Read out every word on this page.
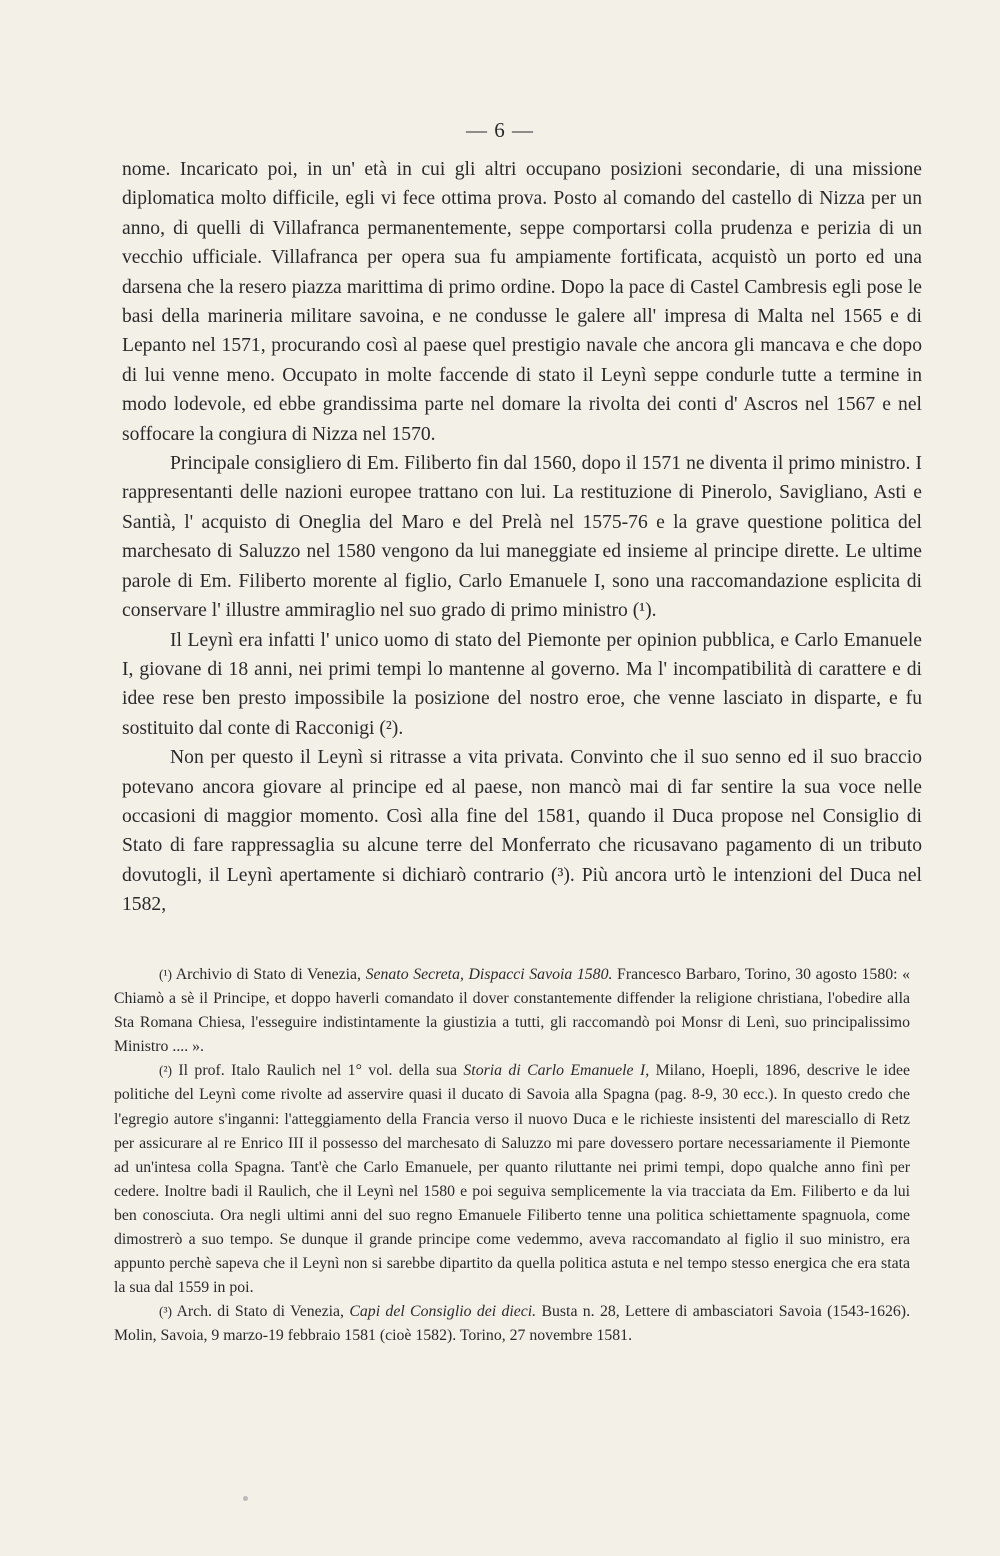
— 6 —

nome. Incaricato poi, in un' età in cui gli altri occupano posizioni secondarie, di una missione diplomatica molto difficile, egli vi fece ottima prova. Posto al comando del castello di Nizza per un anno, di quelli di Villafranca permanentemente, seppe comportarsi colla prudenza e perizia di un vecchio ufficiale. Villafranca per opera sua fu ampiamente fortificata, acquistò un porto ed una darsena che la resero piazza marittima di primo ordine. Dopo la pace di Castel Cambresis egli pose le basi della marineria militare savoina, e ne condusse le galere all' impresa di Malta nel 1565 e di Lepanto nel 1571, procurando così al paese quel prestigio navale che ancora gli mancava e che dopo di lui venne meno. Occupato in molte faccende di stato il Leynì seppe condurle tutte a termine in modo lodevole, ed ebbe grandissima parte nel domare la rivolta dei conti d' Ascros nel 1567 e nel soffocare la congiura di Nizza nel 1570.

Principale consigliero di Em. Filiberto fin dal 1560, dopo il 1571 ne diventa il primo ministro. I rappresentanti delle nazioni europee trattano con lui. La restituzione di Pinerolo, Savigliano, Asti e Santià, l' acquisto di Oneglia del Maro e del Prelà nel 1575-76 e la grave questione politica del marchesato di Saluzzo nel 1580 vengono da lui maneggiate ed insieme al principe dirette. Le ultime parole di Em. Filiberto morente al figlio, Carlo Emanuele I, sono una raccomandazione esplicita di conservare l' illustre ammiraglio nel suo grado di primo ministro (¹).

Il Leynì era infatti l' unico uomo di stato del Piemonte per opinion pubblica, e Carlo Emanuele I, giovane di 18 anni, nei primi tempi lo mantenne al governo. Ma l' incompatibilità di carattere e di idee rese ben presto impossibile la posizione del nostro eroe, che venne lasciato in disparte, e fu sostituito dal conte di Racconigi (²).

Non per questo il Leynì si ritrasse a vita privata. Convinto che il suo senno ed il suo braccio potevano ancora giovare al principe ed al paese, non mancò mai di far sentire la sua voce nelle occasioni di maggior momento. Così alla fine del 1581, quando il Duca propose nel Consiglio di Stato di fare rappressaglia su alcune terre del Monferrato che ricusavano pagamento di un tributo dovutogli, il Leynì apertamente si dichiarò contrario (³). Più ancora urtò le intenzioni del Duca nel 1582,

(¹) Archivio di Stato di Venezia, Senato Secreta, Dispacci Savoia 1580. Francesco Barbaro, Torino, 30 agosto 1580: « Chiamò a sè il Principe, et doppo haverli comandato il dover constantemente diffender la religione christiana, l'obedire alla Sta Romana Chiesa, l'esseguire indistintamente la giustizia a tutti, gli raccomandò poi Monsr di Lenì, suo principalissimo Ministro .... ».

(²) Il prof. Italo Raulich nel 1° vol. della sua Storia di Carlo Emanuele I, Milano, Hoepli, 1896, descrive le idee politiche del Leynì come rivolte ad asservire quasi il ducato di Savoia alla Spagna (pag. 8-9, 30 ecc.). In questo credo che l'egregio autore s'inganni: l'atteggiamento della Francia verso il nuovo Duca e le richieste insistenti del maresciallo di Retz per assicurare al re Enrico III il possesso del marchesato di Saluzzo mi pare dovessero portare necessariamente il Piemonte ad un'intesa colla Spagna. Tant'è che Carlo Emanuele, per quanto riluttante nei primi tempi, dopo qualche anno finì per cedere. Inoltre badi il Raulich, che il Leynì nel 1580 e poi seguiva semplicemente la via tracciata da Em. Filiberto e da lui ben conosciuta. Ora negli ultimi anni del suo regno Emanuele Filiberto tenne una politica schiettamente spagnuola, come dimostrerò a suo tempo. Se dunque il grande principe come vedemmo, aveva raccomandato al figlio il suo ministro, era appunto perchè sapeva che il Leynì non si sarebbe dipartito da quella politica astuta e nel tempo stesso energica che era stata la sua dal 1559 in poi.

(³) Arch. di Stato di Venezia, Capi del Consiglio dei dieci. Busta n. 28, Lettere di ambasciatori Savoia (1543-1626). Molin, Savoia, 9 marzo-19 febbraio 1581 (cioè 1582). Torino, 27 novembre 1581.
